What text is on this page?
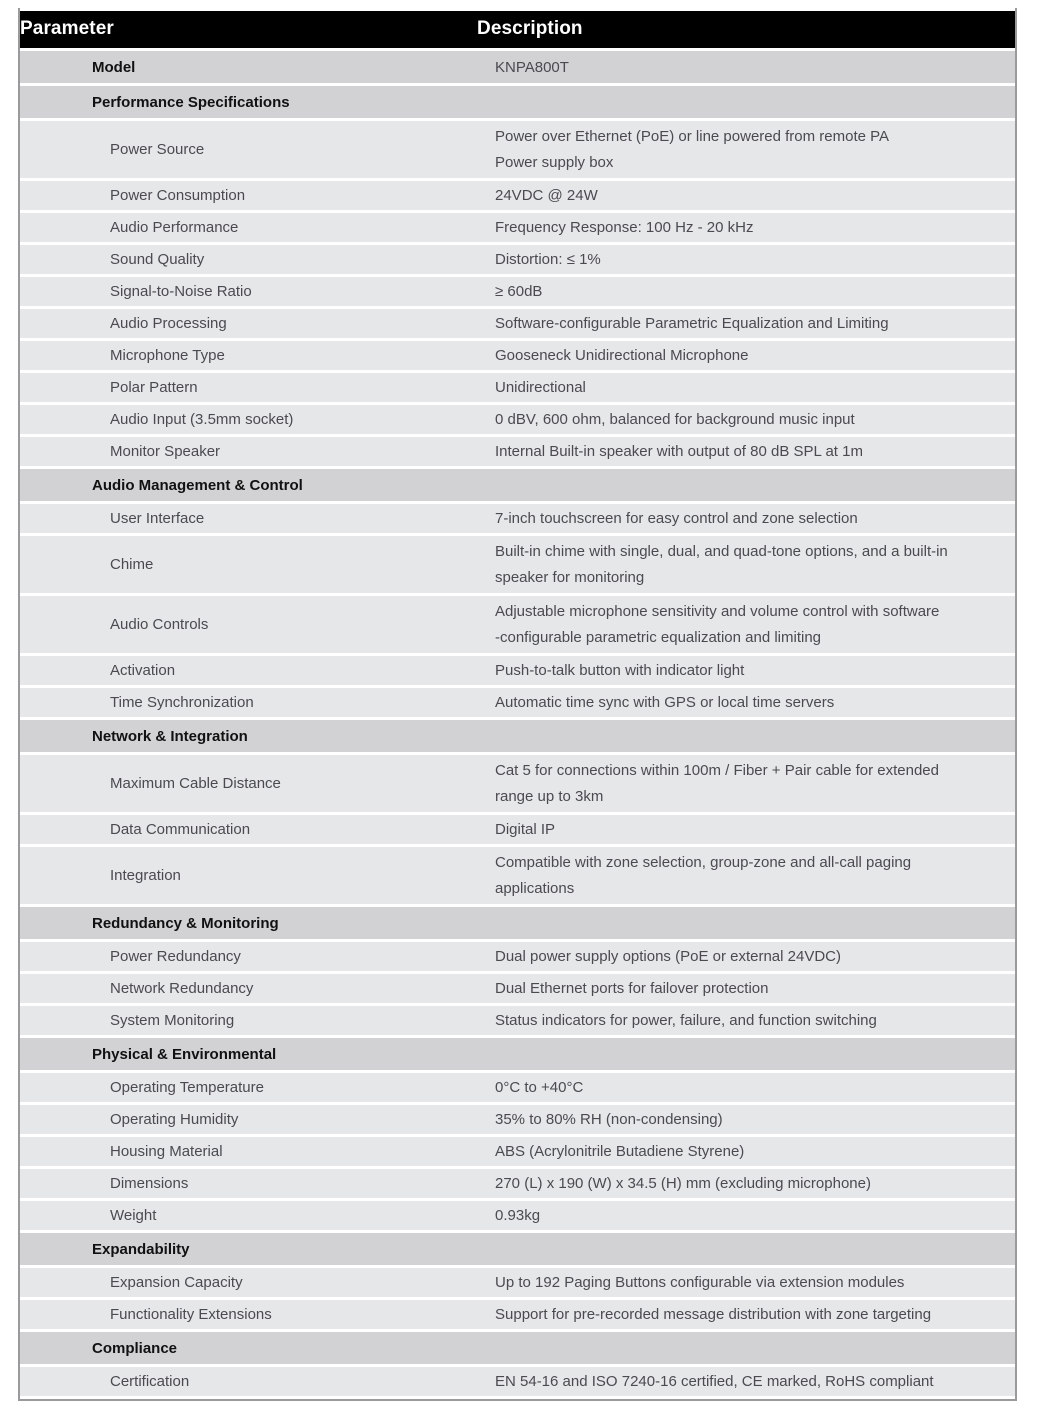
Parameter	Description
Model	KNPA800T
Performance Specifications	
Power Source	Power over Ethernet (PoE) or line powered from remote PA
Power supply box

Power Consumption	24VDC @ 24W

Audio Performance	Frequency Response: 100 Hz - 20 kHz

Sound Quality	Distortion: ≤ 1%

Signal-to-Noise Ratio	≥ 60dB

Audio Processing	Software-configurable Parametric Equalization and Limiting

Microphone Type	Gooseneck Unidirectional Microphone

Polar Pattern	Unidirectional

Audio Input (3.5mm socket)	0 dBV, 600 ohm, balanced for background music input

Monitor Speaker	Internal Built-in speaker with output of 80 dB SPL at 1m

Audio Management & Control	
User Interface	7-inch touchscreen for easy control and zone selection

Chime	Built-in chime with single, dual, and quad-tone options, and a built-in
speaker for monitoring

Audio Controls	Adjustable microphone sensitivity and volume control with software
-configurable parametric equalization and limiting

Activation	Push-to-talk button with indicator light

Time Synchronization	Automatic time sync with GPS or local time servers

Network & Integration	
Maximum Cable Distance	Cat 5 for connections within 100m / Fiber + Pair cable for extended
range up to 3km

Data Communication	Digital IP

Integration	Compatible with zone selection, group-zone and all-call paging
applications

Redundancy & Monitoring	
Power Redundancy	Dual power supply options (PoE or external 24VDC)

Network Redundancy	Dual Ethernet ports for failover protection

System Monitoring	Status indicators for power, failure, and function switching

Physical & Environmental	
Operating Temperature	0°C to +40°C

Operating Humidity	35% to 80% RH (non-condensing)

Housing Material	ABS (Acrylonitrile Butadiene Styrene)

Dimensions	270 (L) x 190 (W) x 34.5 (H) mm (excluding microphone)

Weight	0.93kg

Expandability	
Expansion Capacity	Up to 192 Paging Buttons configurable via extension modules

Functionality Extensions	Support for pre-recorded message distribution with zone targeting

Compliance	
Certification	EN 54-16 and ISO 7240-16 certified, CE marked, RoHS compliant
